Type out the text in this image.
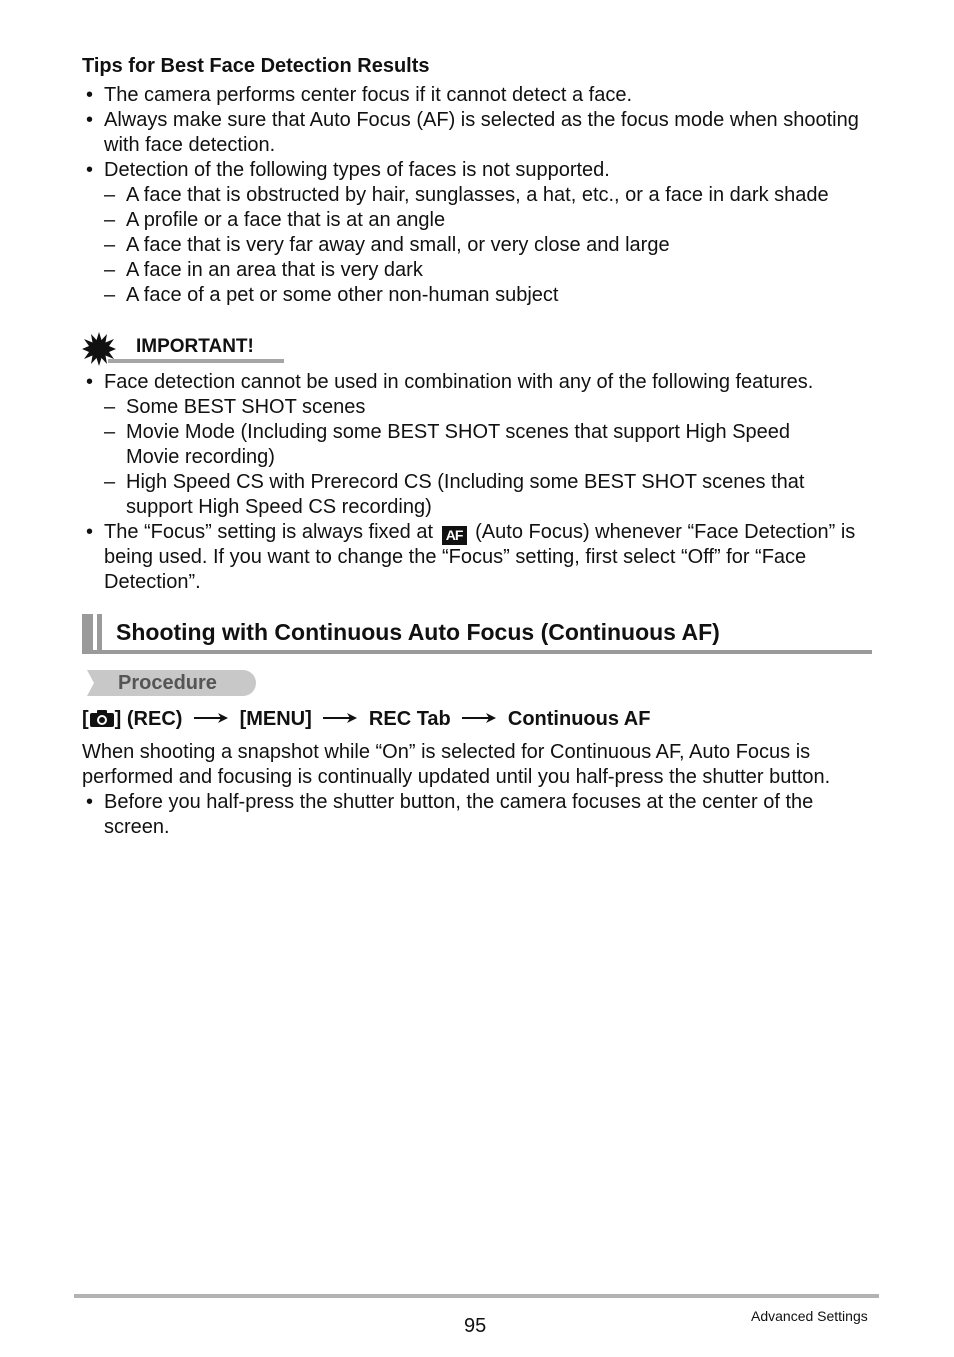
Tips for Best Face Detection Results
• The camera performs center focus if it cannot detect a face.
• Always make sure that Auto Focus (AF) is selected as the focus mode when shooting with face detection.
• Detection of the following types of faces is not supported.
– A face that is obstructed by hair, sunglasses, a hat, etc., or a face in dark shade
– A profile or a face that is at an angle
– A face that is very far away and small, or very close and large
– A face in an area that is very dark
– A face of a pet or some other non-human subject
IMPORTANT!
• Face detection cannot be used in combination with any of the following features.
– Some BEST SHOT scenes
– Movie Mode (Including some BEST SHOT scenes that support High Speed Movie recording)
– High Speed CS with Prerecord CS (Including some BEST SHOT scenes that support High Speed CS recording)
• The “Focus” setting is always fixed at AF (Auto Focus) whenever “Face Detection” is being used. If you want to change the “Focus” setting, first select “Off” for “Face Detection”.
Shooting with Continuous Auto Focus (Continuous AF)
Procedure
[ ] (REC)	[MENU]	REC Tab	Continuous AF
When shooting a snapshot while “On” is selected for Continuous AF, Auto Focus is performed and focusing is continually updated until you half-press the shutter button.
• Before you half-press the shutter button, the camera focuses at the center of the screen.
95	Advanced Settings
